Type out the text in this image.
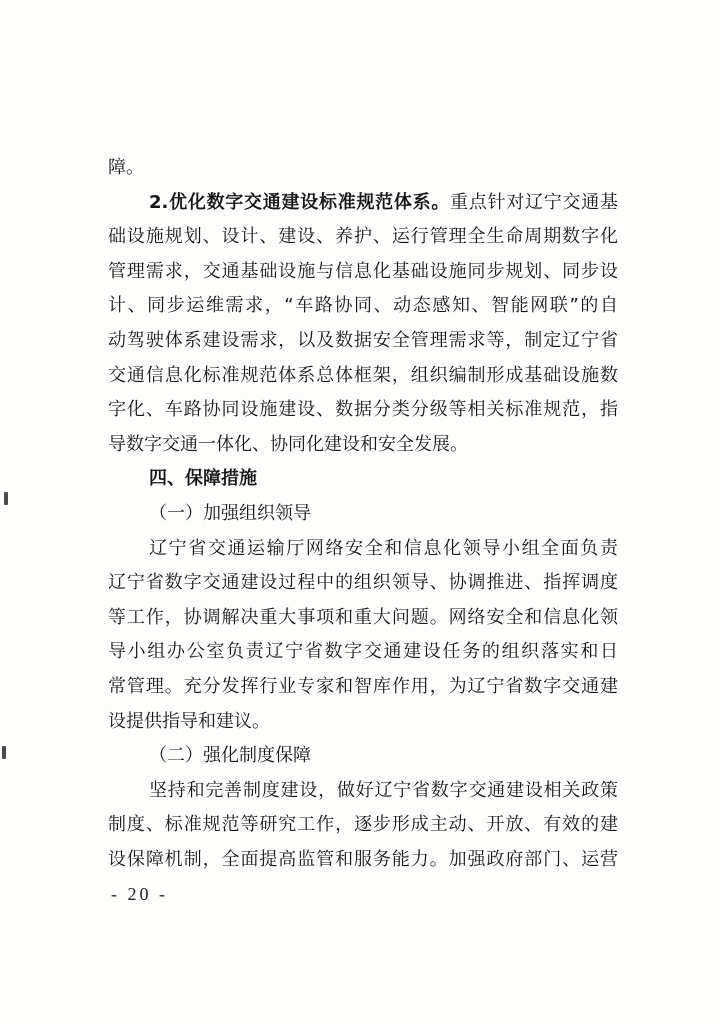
障。
2.优化数字交通建设标准规范体系。重点针对辽宁交通基
础设施规划、设计、建设、养护、运行管理全生命周期数字化
管理需求，交通基础设施与信息化基础设施同步规划、同步设
计、同步运维需求，“车路协同、动态感知、智能网联”的自
动驾驶体系建设需求，以及数据安全管理需求等，制定辽宁省
交通信息化标准规范体系总体框架，组织编制形成基础设施数
字化、车路协同设施建设、数据分类分级等相关标准规范，指
导数字交通一体化、协同化建设和安全发展。
四、保障措施
（一）加强组织领导
辽宁省交通运输厅网络安全和信息化领导小组全面负责
辽宁省数字交通建设过程中的组织领导、协调推进、指挥调度
等工作，协调解决重大事项和重大问题。网络安全和信息化领
导小组办公室负责辽宁省数字交通建设任务的组织落实和日
常管理。充分发挥行业专家和智库作用，为辽宁省数字交通建
设提供指导和建议。
（二）强化制度保障
坚持和完善制度建设，做好辽宁省数字交通建设相关政策
制度、标准规范等研究工作，逐步形成主动、开放、有效的建
设保障机制，全面提高监管和服务能力。加强政府部门、运营
- 20 -
